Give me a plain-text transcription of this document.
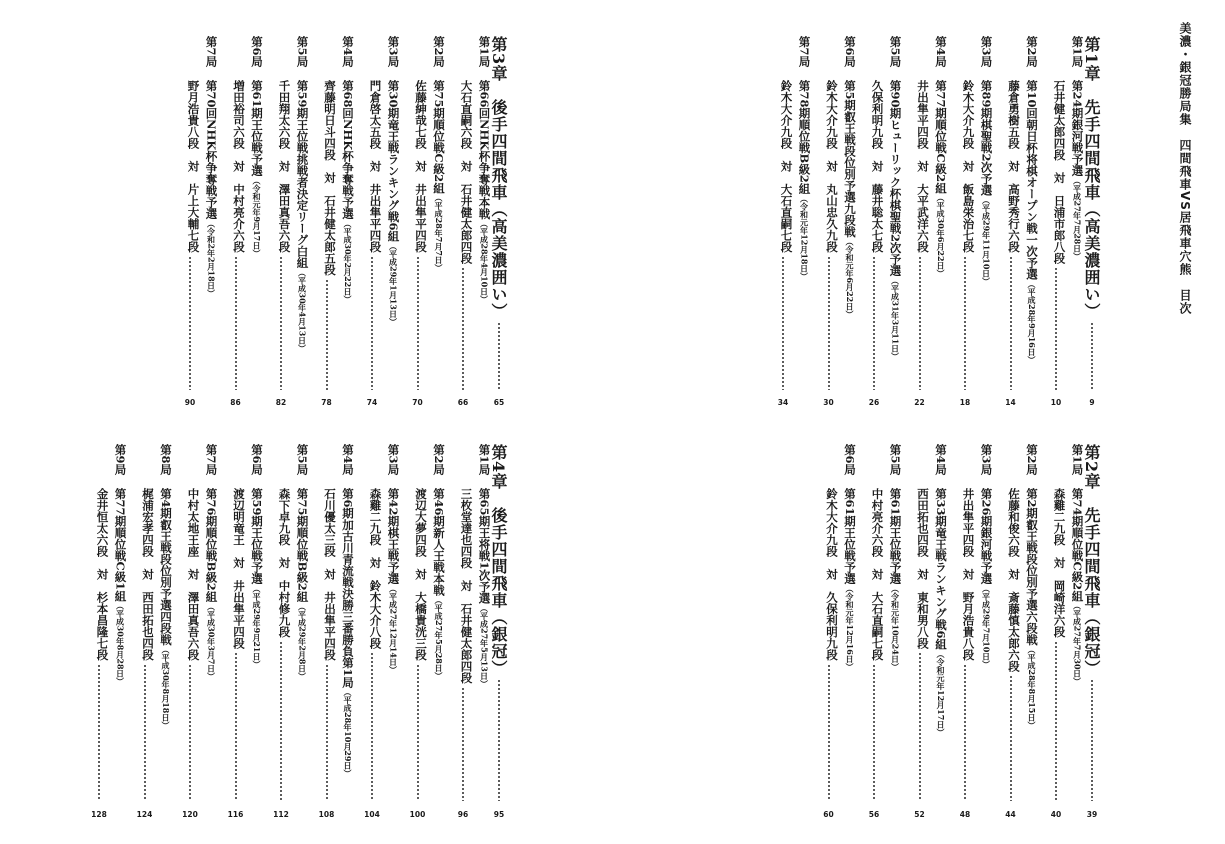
第3章　後手四間飛車（高美濃囲い）
65
第1局
第66回NHK杯争奪戦本戦（平成28年4月10日）
大石直嗣六段　対　石井健太郎四段
66
第2局
第75期順位戦C級2組（平成28年7月7日）
佐藤紳哉七段　対　井出隼平四段
70
第3局
第30期竜王戦ランキング戦6組（平成29年1月13日）
門倉啓太五段　対　井出隼平四段
74
第4局
第68回NHK杯争奪戦予選（平成30年2月22日）
齊藤明日斗四段　対　石井健太郎五段
78
第5局
第59期王位戦挑戦者決定リーグ白組（平成30年4月13日）
千田翔太六段　対　澤田真吾六段
82
第6局
第61期王位戦予選（令和元年9月17日）
増田裕司六段　対　中村亮介六段
86
第7局
第70回NHK杯争奪戦予選（令和2年2月18日）
野月浩貴八段　対　片上大輔七段
90
第4章　後手四間飛車（銀冠）
95
第1局
第65期王将戦1次予選（平成27年5月13日）
三枚堂達也四段　対　石井健太郎四段
96
第2局
第46期新人王戦本戦（平成27年5月28日）
渡辺大夢四段　対　大橋貴洸三段
100
第3局
第42期棋王戦予選（平成27年12月14日）
森雞二九段　対　鈴木大介八段
104
第4局
第6期加古川青流戦決勝三番勝負第1局（平成28年10月29日）
石川優太三段　対　井出隼平四段
108
第5局
第75期順位戦B級2組（平成29年2月8日）
森下卓九段　対　中村修九段
112
第6局
第59期王位戦予選（平成29年9月21日）
渡辺明竜王　対　井出隼平四段
116
第7局
第76期順位戦B級2組（平成30年3月7日）
中村太地王座　対　澤田真吾六段
120
第8局
第4期叡王戦段位別予選四段戦（平成30年8月18日）
梶浦宏孝四段　対　西田拓也四段
124
第9局
第77期順位戦C級1組（平成30年8月28日）
金井恒太六段　対　杉本昌隆七段
128
美濃・銀冠勝局集　四間飛車VS居飛車穴熊　目次
第1章　先手四間飛車（高美濃囲い）
9
第1局
第24期銀河戦予選（平成27年7月28日）
石井健太郎四段　対　日浦市郎八段
10
第2局
第10回朝日杯将棋オープン戦一次予選（平成28年9月16日）
藤倉勇樹五段　対　高野秀行六段
14
第3局
第89期棋聖戦2次予選（平成29年11月10日）
鈴木大介九段　対　飯島栄治七段
18
第4局
第77期順位戦C級2組（平成30年6月22日）
井出隼平四段　対　大平武洋六段
22
第5局
第90期ヒューリック杯棋聖戦2次予選（平成31年3月11日）
久保利明九段　対　藤井聡太七段
26
第6局
第5期叡王戦段位別予選九段戦（令和元年6月22日）
鈴木大介九段　対　丸山忠久九段
30
第7局
第78期順位戦B級2組（令和元年12月18日）
鈴木大介九段　対　大石直嗣七段
34
第2章　先手四間飛車（銀冠）
39
第1局
第74期順位戦C級2組（平成27年7月30日）
森雞二九段　対　岡崎洋六段
40
第2局
第2期叡王戦段位別予選六段戦（平成28年8月15日）
佐藤和俊六段　対　斎藤慎太郎六段
44
第3局
第26期銀河戦予選（平成29年7月10日）
井出隼平四段　対　野月浩貴八段
48
第4局
第33期竜王戦ランキング戦6組（令和元年12月17日）
西田拓也四段　対　東和男八段
52
第5局
第61期王位戦予選（令和元年10月24日）
中村亮介六段　対　大石直嗣七段
56
第6局
第61期王位戦予選（令和元年12月16日）
鈴木大介九段　対　久保利明九段
60
